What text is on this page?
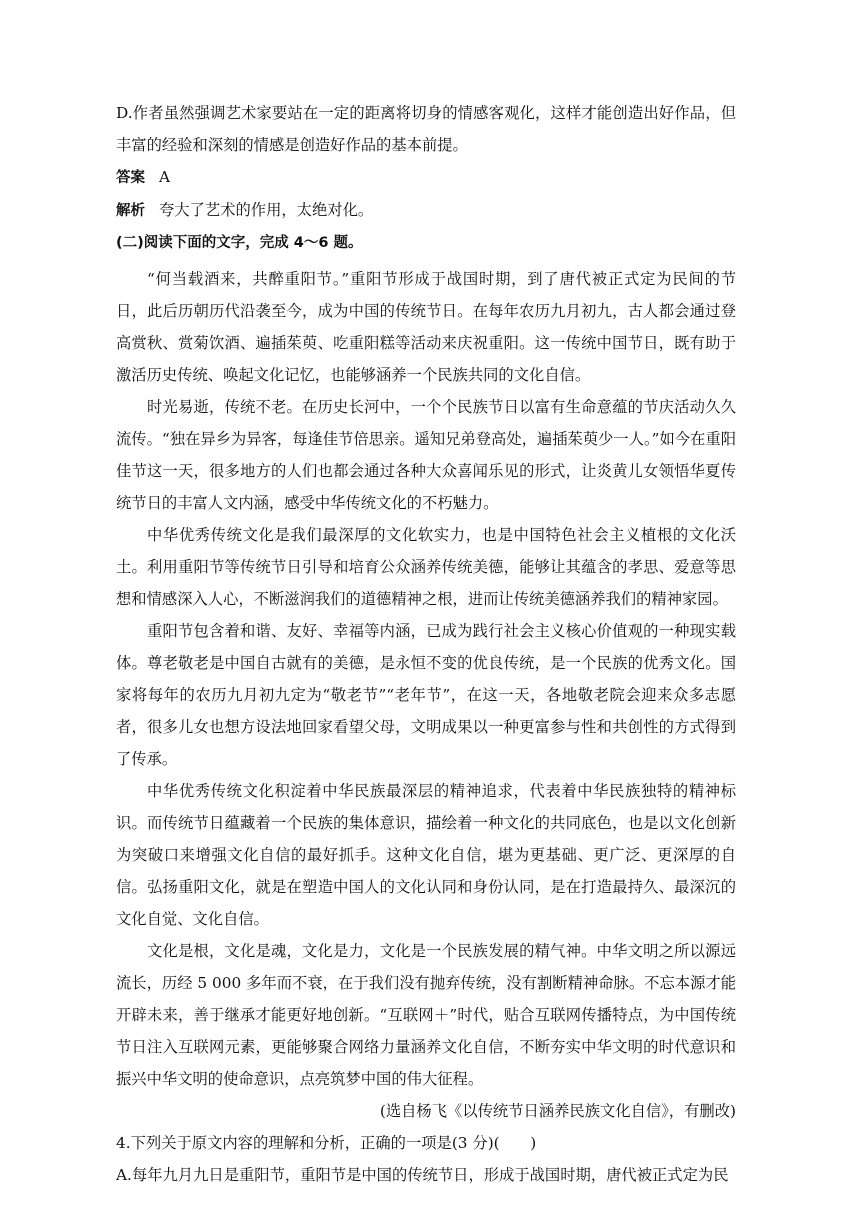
D.作者虽然强调艺术家要站在一定的距离将切身的情感客观化，这样才能创造出好作品，但

丰富的经验和深刻的情感是创造好作品的基本前提。

答案 A

解析 夸大了艺术的作用，太绝对化。

(二)阅读下面的文字，完成 4～6 题。

“何当载酒来，共醉重阳节。”重阳节形成于战国时期，到了唐代被正式定为民间的节日，此后历朝历代沿袭至今，成为中国的传统节日。在每年农历九月初九，古人都会通过登高赏秋、赏菊饮酒、遍插茱萸、吃重阳糕等活动来庆祝重阳。这一传统中国节日，既有助于激活历史传统、唤起文化记忆，也能够涵养一个民族共同的文化自信。

时光易逝，传统不老。在历史长河中，一个个民族节日以富有生命意蕴的节庆活动久久流传。“独在异乡为异客，每逢佳节倍思亲。遥知兄弟登高处，遍插茱萸少一人。”如今在重阳佳节这一天，很多地方的人们也都会通过各种大众喜闻乐见的形式，让炎黄儿女领悟华夏传统节日的丰富人文内涵，感受中华传统文化的不朽魅力。

中华优秀传统文化是我们最深厚的文化软实力，也是中国特色社会主义植根的文化沃土。利用重阳节等传统节日引导和培育公众涵养传统美德，能够让其蕴含的孝思、爱意等思想和情感深入人心，不断滋润我们的道德精神之根，进而让传统美德涵养我们的精神家园。

重阳节包含着和谐、友好、幸福等内涵，已成为践行社会主义核心价值观的一种现实载体。尊老敬老是中国自古就有的美德，是永恒不变的优良传统，是一个民族的优秀文化。国家将每年的农历九月初九定为“敬老节”“老年节”，在这一天，各地敬老院会迎来众多志愿者，很多儿女也想方设法地回家看望父母，文明成果以一种更富参与性和共创性的方式得到了传承。

中华优秀传统文化积淀着中华民族最深层的精神追求，代表着中华民族独特的精神标识。而传统节日蕴藏着一个民族的集体意识，描绘着一种文化的共同底色，也是以文化创新为突破口来增强文化自信的最好抓手。这种文化自信，堪为更基础、更广泛、更深厚的自信。弘扬重阳文化，就是在塑造中国人的文化认同和身份认同，是在打造最持久、最深沉的文化自觉、文化自信。

文化是根，文化是魂，文化是力，文化是一个民族发展的精气神。中华文明之所以源远流长，历经 5 000 多年而不衰，在于我们没有抛弃传统，没有割断精神命脉。不忘本源才能开辟未来，善于继承才能更好地创新。“互联网＋”时代，贴合互联网传播特点，为中国传统节日注入互联网元素，更能够聚合网络力量涵养文化自信，不断夯实中华文明的时代意识和振兴中华文明的使命意识，点亮筑梦中国的伟大征程。

(选自杨飞《以传统节日涵养民族文化自信》，有删改)

4.下列关于原文内容的理解和分析，正确的一项是(3 分)(　　)

A.每年九月九日是重阳节，重阳节是中国的传统节日，形成于战国时期，唐代被正式定为民
